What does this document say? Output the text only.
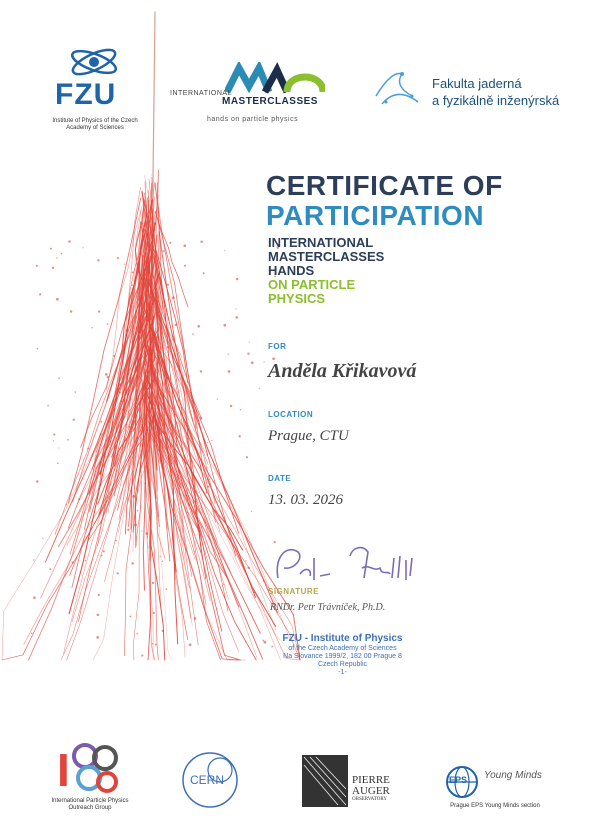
FZU
Institute of Physics of the Czech Academy of Sciences
INTERNATIONAL
MASTERCLASSES
hands on particle physics
Fakulta jaderná
a fyzikálně inženýrská
CERTIFICATE OF
PARTICIPATION
INTERNATIONAL
MASTERCLASSES
HANDS
ON PARTICLE
PHYSICS
FOR
Anděla Křikavová
LOCATION
Prague, CTU
DATE
13. 03. 2026
SIGNATURE
RNDr. Petr Trávníček, Ph.D.
FZU - Institute of Physics
of the Czech Academy of Sciences
Na Slovance 1999/2, 182 00 Prague 8
Czech Republic
-1-
I
International Particle Physics Outreach Group
CERN	PIERRE
AUGER
OBSERVATORY
EPS Young Minds
Prague EPS Young Minds section
